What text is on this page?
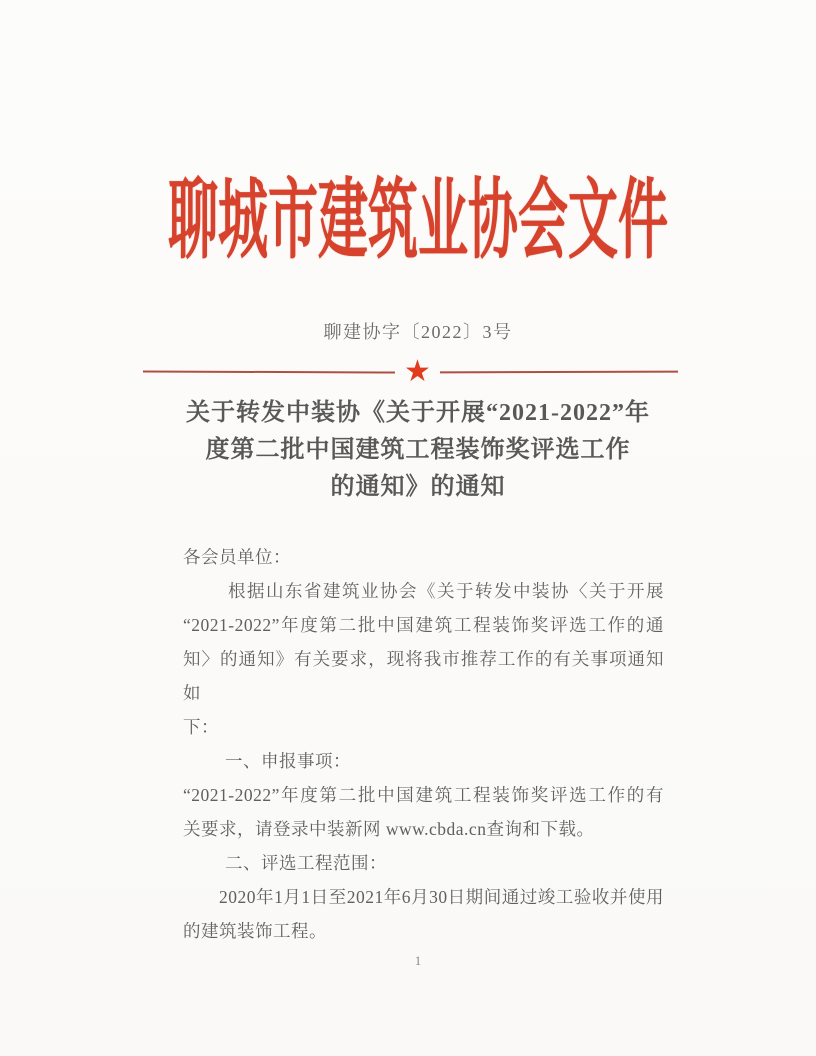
聊城市建筑业协会文件
聊建协字〔2022〕3号
★
关于转发中装协《关于开展“2021-2022”年
度第二批中国建筑工程装饰奖评选工作
的通知》的通知
各会员单位：
根据山东省建筑业协会《关于转发中装协〈关于开展
“2021-2022”年度第二批中国建筑工程装饰奖评选工作的通
知〉的通知》有关要求，现将我市推荐工作的有关事项通知如
下：
一、申报事项：
“2021-2022”年度第二批中国建筑工程装饰奖评选工作的有
关要求，请登录中装新网 www.cbda.cn查询和下载。
二、评选工程范围：
2020年1月1日至2021年6月30日期间通过竣工验收并使用
的建筑装饰工程。
1
